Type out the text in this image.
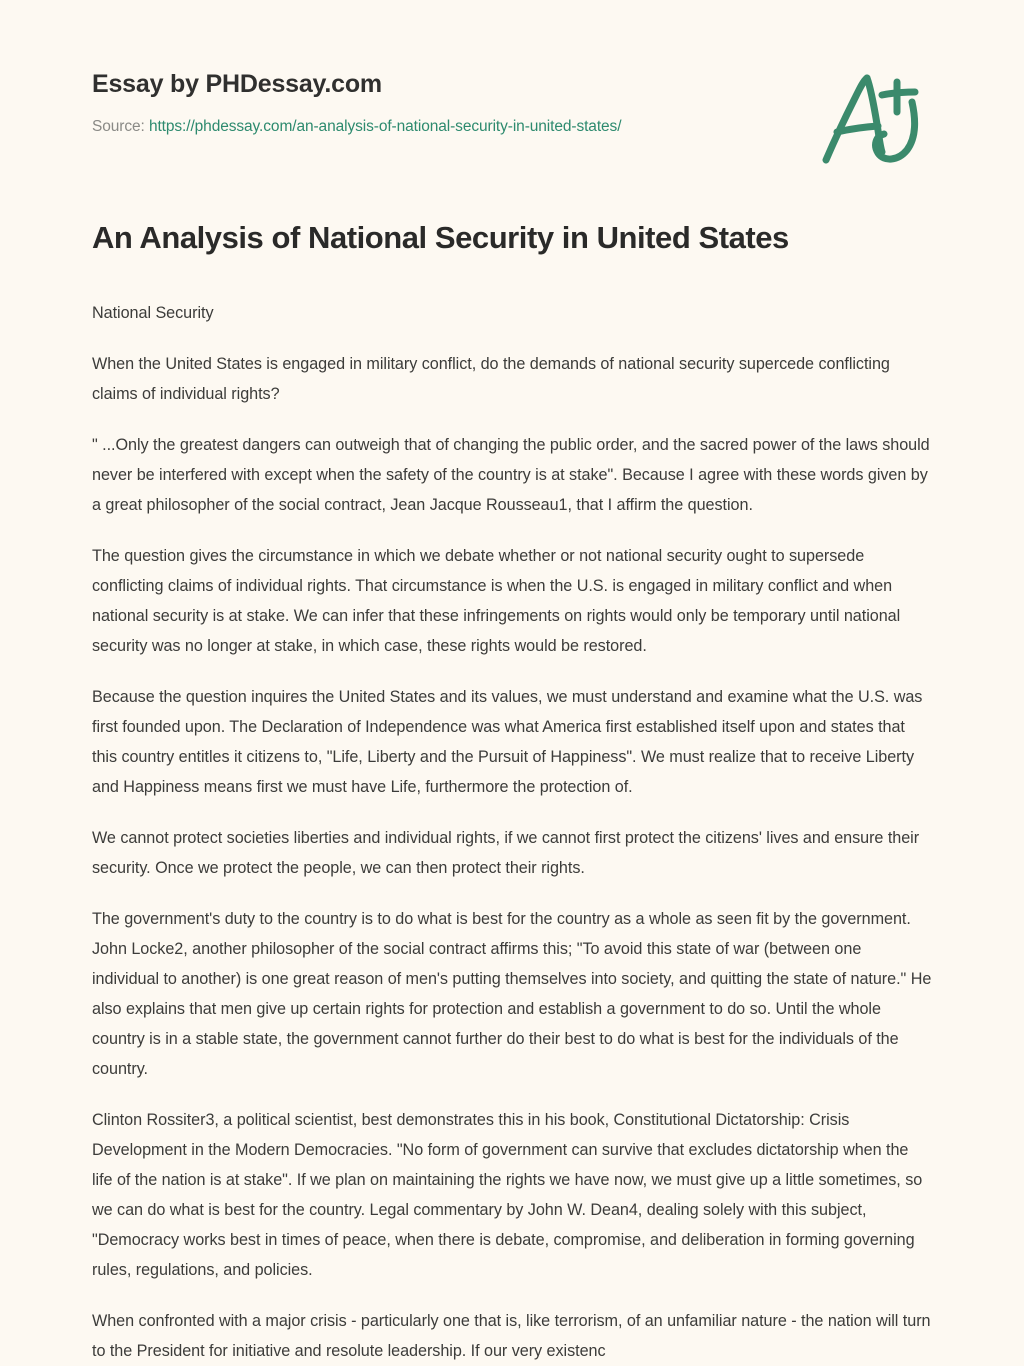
Essay by PHDessay.com
Source: https://phdessay.com/an-analysis-of-national-security-in-united-states/
An Analysis of National Security in United States

National Security

When the United States is engaged in military conflict, do the demands of national security supercede conflicting claims of individual rights?

" ...Only the greatest dangers can outweigh that of changing the public order, and the sacred power of the laws should never be interfered with except when the safety of the country is at stake". Because I agree with these words given by a great philosopher of the social contract, Jean Jacque Rousseau1, that I affirm the question.

The question gives the circumstance in which we debate whether or not national security ought to supersede conflicting claims of individual rights. That circumstance is when the U.S. is engaged in military conflict and when national security is at stake. We can infer that these infringements on rights would only be temporary until national security was no longer at stake, in which case, these rights would be restored.

Because the question inquires the United States and its values, we must understand and examine what the U.S. was first founded upon. The Declaration of Independence was what America first established itself upon and states that this country entitles it citizens to, "Life, Liberty and the Pursuit of Happiness". We must realize that to receive Liberty and Happiness means first we must have Life, furthermore the protection of.

We cannot protect societies liberties and individual rights, if we cannot first protect the citizens' lives and ensure their security. Once we protect the people, we can then protect their rights.

The government's duty to the country is to do what is best for the country as a whole as seen fit by the government. John Locke2, another philosopher of the social contract affirms this; "To avoid this state of war (between one individual to another) is one great reason of men's putting themselves into society, and quitting the state of nature." He also explains that men give up certain rights for protection and establish a government to do so. Until the whole country is in a stable state, the government cannot further do their best to do what is best for the individuals of the country.

Clinton Rossiter3, a political scientist, best demonstrates this in his book, Constitutional Dictatorship: Crisis Development in the Modern Democracies. "No form of government can survive that excludes dictatorship when the life of the nation is at stake". If we plan on maintaining the rights we have now, we must give up a little sometimes, so we can do what is best for the country. Legal commentary by John W. Dean4, dealing solely with this subject, "Democracy works best in times of peace, when there is debate, compromise, and deliberation in forming governing rules, regulations, and policies.

When confronted with a major crisis - particularly one that is, like terrorism, of an unfamiliar nature - the nation will turn to the President for initiative and resolute leadership. If our very existenc
